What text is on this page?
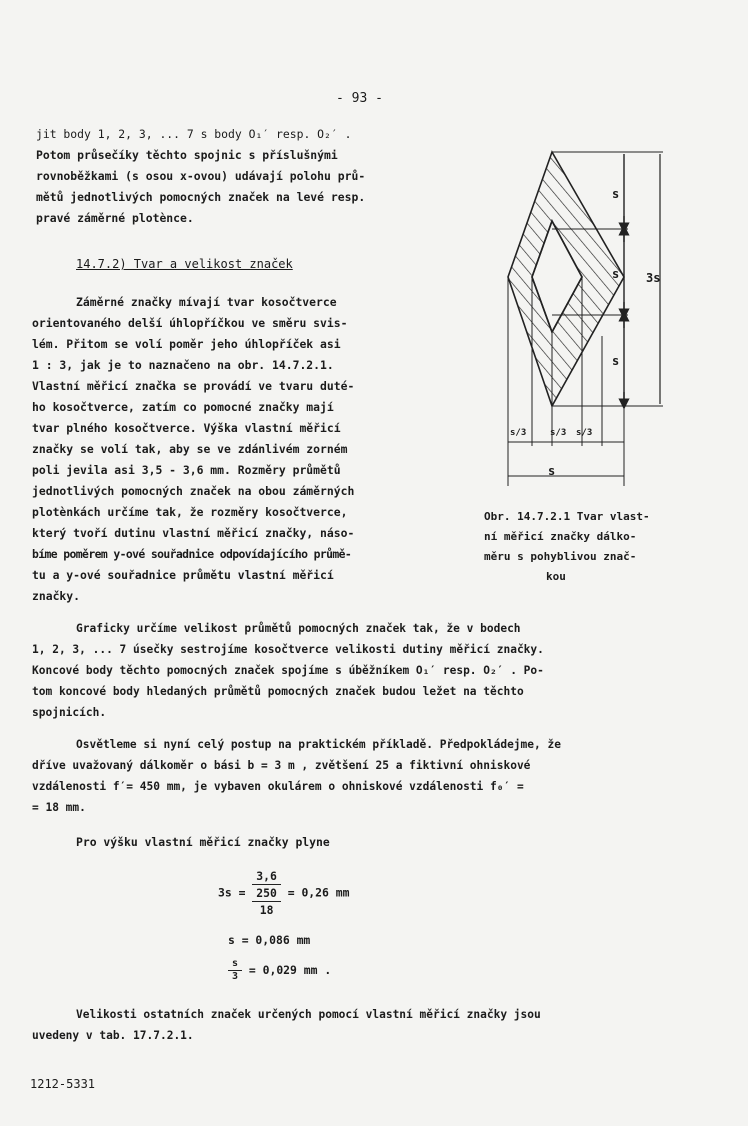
- 93 -
jit body 1, 2, 3, ... 7 s body O₁′ resp. O₂′ .
Potom průsečíky těchto spojnic s příslušnými
rovnoběžkami (s osou x-ovou) udávají polohu prů-
mětů jednotlivých pomocných značek na levé resp.
pravé záměrné plotènce.
14.7.2) Tvar a velikost značek
Záměrné značky mívají tvar kosočtverce
orientovaného delší úhlopříčkou ve směru svis-
lém. Přitom se volí poměr jeho úhlopříček asi
1 : 3, jak je to naznačeno na obr. 14.7.2.1.
Vlastní měřicí značka se provádí ve tvaru duté-
ho kosočtverce, zatím co pomocné značky mají
tvar plného kosočtverce. Výška vlastní měřicí
značky se volí tak, aby se ve zdánlivém zorném
poli jevila asi 3,5 - 3,6 mm. Rozměry průmětů
jednotlivých pomocných značek na obou záměrných
plotènkách určíme tak, že rozměry kosočtverce,
který tvoří dutinu vlastní měřicí značky, náso-
bíme poměrem y-ové souřadnice odpovídajícího průmě-
tu a y-ové souřadnice průmětu vlastní měřicí
značky.
s
s
s
3s
s/3	s/3 s/3
s
Obr. 14.7.2.1 Tvar vlast-
ní měřicí značky dálko-
měru s pohyblivou znač-
kou
Graficky určíme velikost průmětů pomocných značek tak, že v bodech
1, 2, 3, ... 7 úsečky sestrojíme kosočtverce velikosti dutiny měřicí značky.
Koncové body těchto pomocných značek spojíme s úběžníkem O₁′ resp. O₂′ . Po-
tom koncové body hledaných průmětů pomocných značek budou ležet na těchto
spojnicích.
Osvětleme si nyní celý postup na praktickém příkladě. Předpokládejme, že
dříve uvažovaný dálkoměr o bási b = 3 m , zvětšení 25 a fiktivní ohniskové
vzdálenosti f′= 450 mm, je vybaven okulárem o ohniskové vzdálenosti f₀′ =
= 18 mm.
Pro výšku vlastní měřicí značky plyne
$3s = \frac{3,6}{\frac{250}{18}} = 0,26$ mm
s = 0,086 mm
$\frac{s}{3} = 0,029$ mm .
Velikosti ostatních značek určených pomocí vlastní měřicí značky jsou
uvedeny v tab. 17.7.2.1.
1212-5331
